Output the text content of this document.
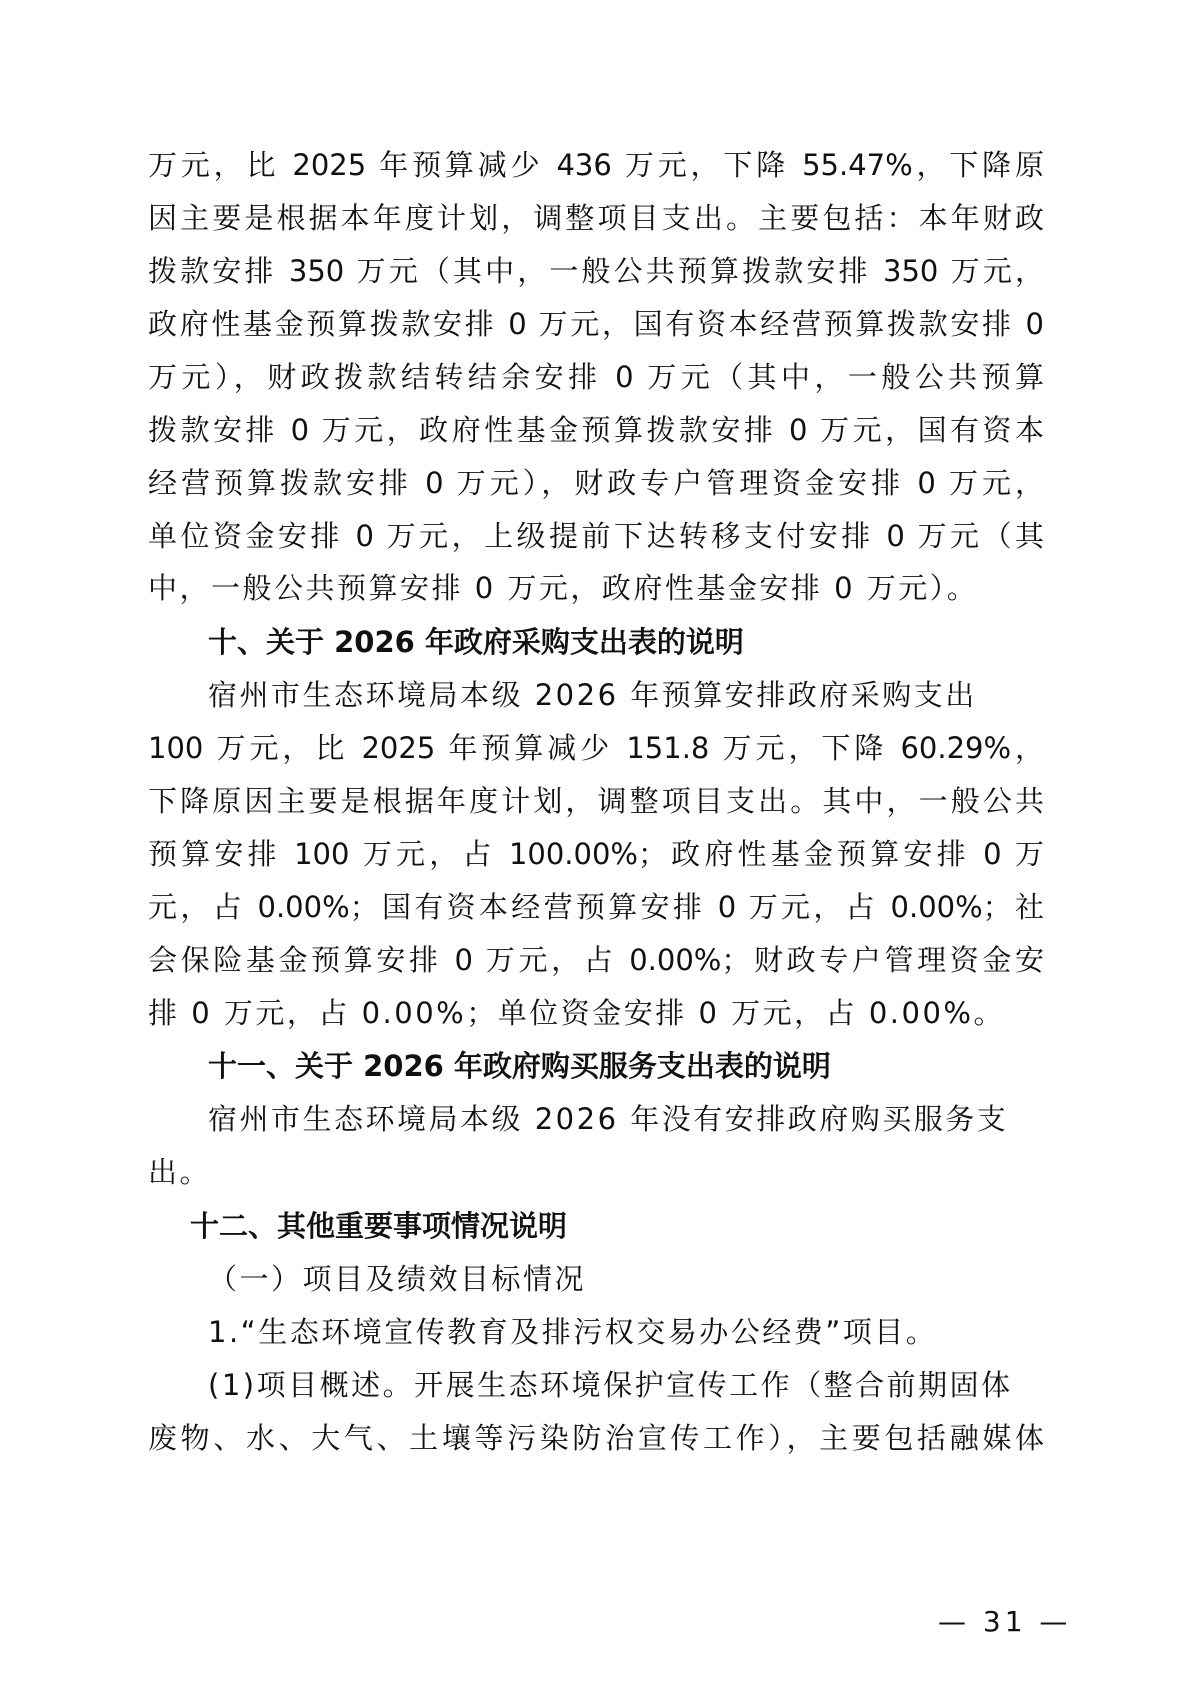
万元，比 2025 年预算减少 436 万元，下降 55.47%，下降原

因主要是根据本年度计划，调整项目支出。主要包括：本年财政

拨款安排 350 万元（其中，一般公共预算拨款安排 350 万元，

政府性基金预算拨款安排 0 万元，国有资本经营预算拨款安排 0

万元），财政拨款结转结余安排 0 万元（其中，一般公共预算

拨款安排 0 万元，政府性基金预算拨款安排 0 万元，国有资本

经营预算拨款安排 0 万元），财政专户管理资金安排 0 万元，

单位资金安排 0 万元，上级提前下达转移支付安排 0 万元（其

中，一般公共预算安排 0 万元，政府性基金安排 0 万元）。

十、关于 2026 年政府采购支出表的说明

宿州市生态环境局本级 2026 年预算安排政府采购支出

100 万元，比 2025 年预算减少 151.8 万元，下降 60.29%，

下降原因主要是根据年度计划，调整项目支出。其中，一般公共

预算安排 100 万元，占 100.00%；政府性基金预算安排 0 万

元，占 0.00%；国有资本经营预算安排 0 万元，占 0.00%；社

会保险基金预算安排 0 万元，占 0.00%；财政专户管理资金安

排 0 万元，占 0.00%；单位资金安排 0 万元，占 0.00%。

十一、关于 2026 年政府购买服务支出表的说明

宿州市生态环境局本级 2026 年没有安排政府购买服务支

出。

十二、其他重要事项情况说明

（一）项目及绩效目标情况

1.“生态环境宣传教育及排污权交易办公经费”项目。

(1)项目概述。开展生态环境保护宣传工作（整合前期固体

废物、水、大气、土壤等污染防治宣传工作），主要包括融媒体

— 31 —
